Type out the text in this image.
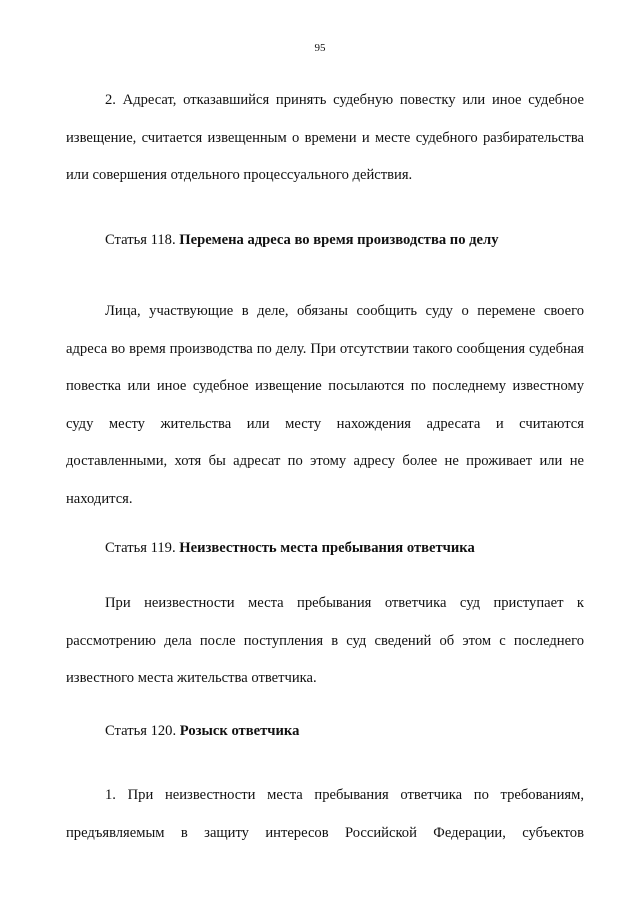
95

2. Адресат, отказавшийся принять судебную повестку или иное судебное извещение, считается извещенным о времени и месте судебного разбирательства или совершения отдельного процессуального действия.

Статья 118. Перемена адреса во время производства по делу

Лица, участвующие в деле, обязаны сообщить суду о перемене своего адреса во время производства по делу. При отсутствии такого сообщения судебная повестка или иное судебное извещение посылаются по последнему известному суду месту жительства или месту нахождения адресата и считаются доставленными, хотя бы адресат по этому адресу более не проживает или не находится.

Статья 119. Неизвестность места пребывания ответчика

При неизвестности места пребывания ответчика суд приступает к рассмотрению дела после поступления в суд сведений об этом с последнего известного места жительства ответчика.

Статья 120. Розыск ответчика

1. При неизвестности места пребывания ответчика по требованиям, предъявляемым в защиту интересов Российской Федерации, субъектов
